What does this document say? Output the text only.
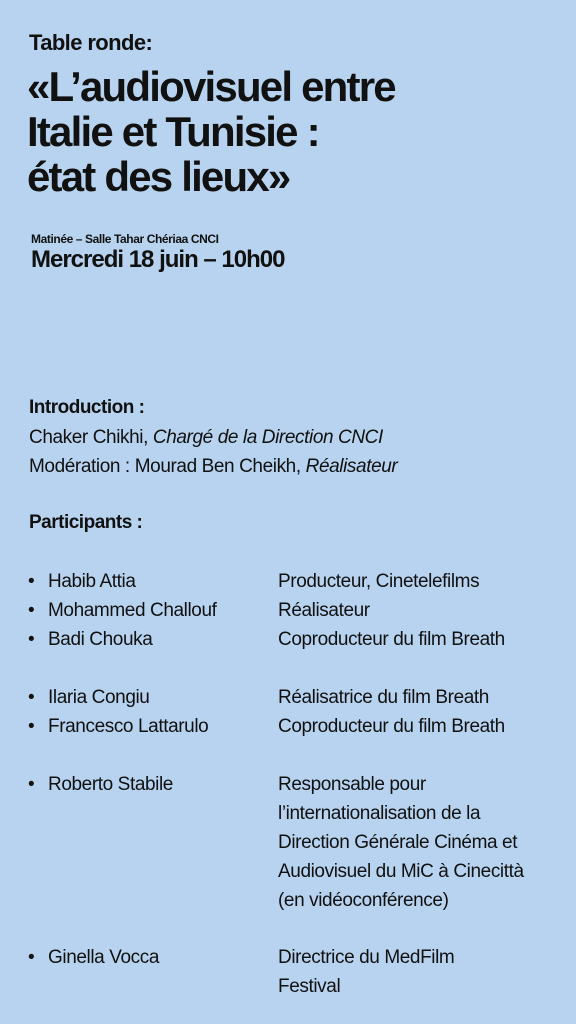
Table ronde:
«L’audiovisuel entre
Italie et Tunisie :
état des lieux»
Matinée – Salle Tahar Chériaa CNCI
Mercredi 18 juin – 10h00
Introduction :
Chaker Chikhi, Chargé de la Direction CNCI
Modération : Mourad Ben Cheikh, Réalisateur
Participants :
• Habib Attia	Producteur, Cinetelefilms
• Mohammed Challouf	Réalisateur
• Badi Chouka	Coproducteur du film Breath
• Ilaria Congiu	Réalisatrice du film Breath
• Francesco Lattarulo	Coproducteur du film Breath
• Roberto Stabile	Responsable pour l’internationalisation de la Direction Générale Cinéma et Audiovisuel du MiC à Cinecittà (en vidéoconférence)
• Ginella Vocca	Directrice du MedFilm Festival
